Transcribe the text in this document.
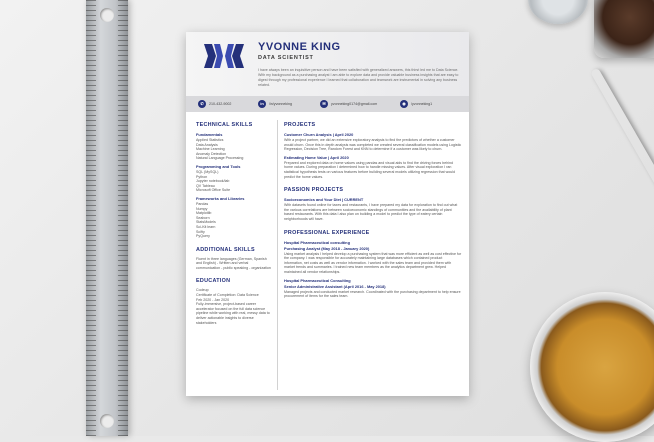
YVONNE KING
DATA SCIENTIST
I have always been an inquisitive person and have been satisfied with generalized answers, this thirst led me to Data Science. With my background as a purchasing analyst I am able to explore data and provide valuable business insights that are easy to digest through my professional experience I learned that collaboration and teamwork are instrumental in solving any business related.
✆	210-432-9002	in	/in/yvonneking	✉	yvonneking0174@gmail.com	◉	/yvonneking1
TECHNICAL SKILLS
Fundamentals

Applied Statistics
Data Analysis
Machine Learning
Anomaly Detection
Natural Language Processing

Programming and Tools

SQL (MySQL)
Python
Jupyter notebook/lab
QV Tableau
Microsoft Office Suite

Frameworks and Libraries

Pandas
Numpy
Matplotlib
Seaborn
StatsModels
Sci-Kit learn
Scifty
PyQuery

ADDITIONAL SKILLS

Fluent in three languages (German, Spanish and English) - Written and verbal communication - public speaking - organization

EDUCATION

Codeup
Certificate of Completion: Data Science
Feb 2020 - Jan 2020
Fully-immersive, project-based career accelerator focused on the full data science pipeline while working with real, messy data to deliver actionable insights to diverse stakeholders

PROJECTS
Customer Churn Analysis | April 2020

With a project partner, we did an extensive exploratory analysis to find the predictors of whether a customer would churn. Once this in depth analysis was completed we created several classification models using Logistic Regression, Decision Tree, Random Forest and KNN to determine if a customer was likely to churn.

Estimating Home Value | April 2020

Prepared and explored data on home values using pandas and visual aids to find the driving forces behind home values. During preparation I determined how to handle missing values. After visual exploration I ran statistical hypothesis tests on various features before building several models utilizing regression that would predict the home values.

PASSION PROJECTS
Socioeconomics and Your Diet | CURRENT

With datasets found online for taxes and restaurants, I have prepared my data for exploration to find out what the various correlations are between socioeconomic standings of communities and the availability of plant based restaurants. With this data I also plan on building a model to predict the type of eatery certain neighborhoods will have.

PROFESSIONAL EXPERIENCE
Hospital Pharmaceutical consulting
Purchasing Analyst (May 2018 - January 2020)

Using market analysis I helped develop a purchasing system that was more efficient as well as cost effective for the company. I was responsible for accurately maintaining large databases which contained product information, net costs as well as vendor information. I worked with the sales team and provided them with market trends and summaries. I trained new team members as the analytics department grew. Helped maintained all vendor relationships.

Hospital Pharmaceutical Consulting
Senior Administrative Assistant (April 2016 - May 2018)

Managed projects and conducted market research. Coordinated with the purchasing department to help ensure procurement of items for the sales team.
